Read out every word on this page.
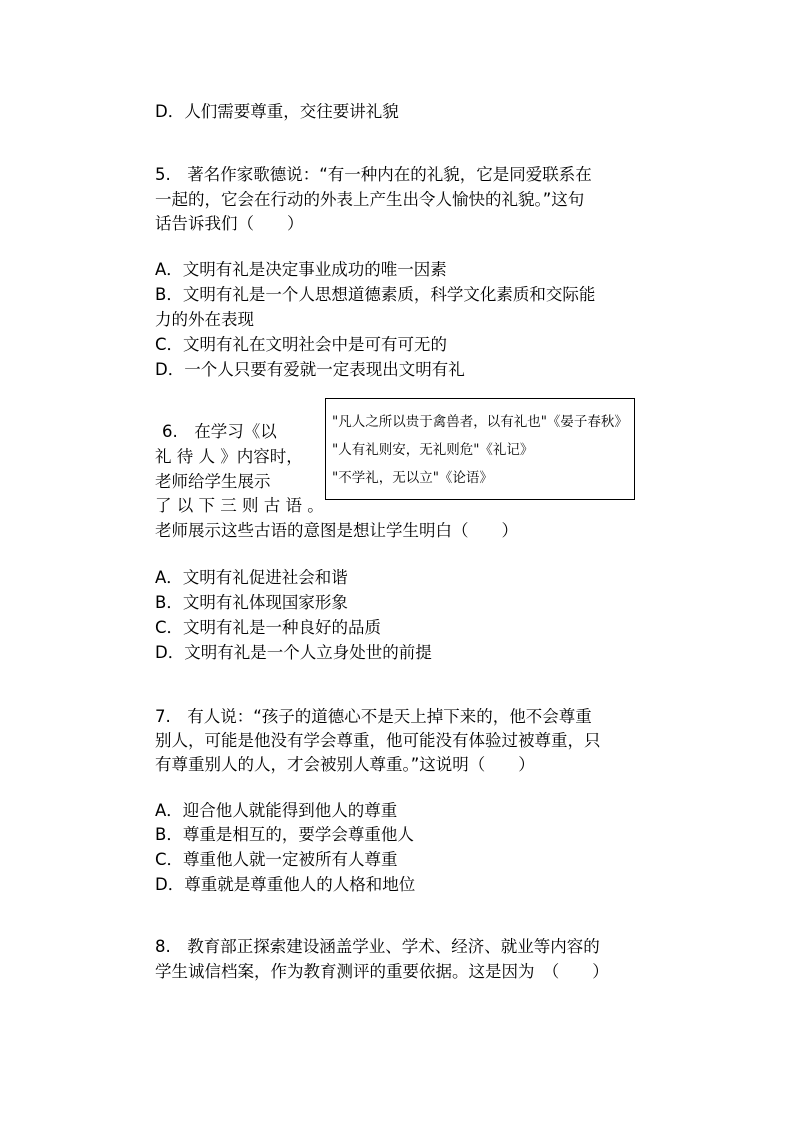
D．人们需要尊重，交往要讲礼貌
5.　著名作家歌德说：“有一种内在的礼貌，它是同爱联系在
一起的，它会在行动的外表上产生出令人愉快的礼貌。”这句
话告诉我们（　　）
A．文明有礼是决定事业成功的唯一因素
B．文明有礼是一个人思想道德素质，科学文化素质和交际能
力的外在表现
C．文明有礼在文明社会中是可有可无的
D．一个人只要有爱就一定表现出文明有礼
6.　在学习《以
礼 待 人 》内容时，
老师给学生展示
了 以 下 三 则 古 语 。
老师展示这些古语的意图是想让学生明白（　　）
"凡人之所以贵于禽兽者，以有礼也"《晏子春秋》
"人有礼则安，无礼则危"《礼记》
"不学礼，无以立"《论语》
A．文明有礼促进社会和谐
B．文明有礼体现国家形象
C．文明有礼是一种良好的品质
D．文明有礼是一个人立身处世的前提
7.　有人说：“孩子的道德心不是天上掉下来的，他不会尊重
别人，可能是他没有学会尊重，他可能没有体验过被尊重，只
有尊重别人的人，才会被别人尊重。”这说明（　　）
A．迎合他人就能得到他人的尊重
B．尊重是相互的，要学会尊重他人
C．尊重他人就一定被所有人尊重
D．尊重就是尊重他人的人格和地位
8.　教育部正探索建设涵盖学业、学术、经济、就业等内容的
学生诚信档案，作为教育测评的重要依据。这是因为　（　　）
